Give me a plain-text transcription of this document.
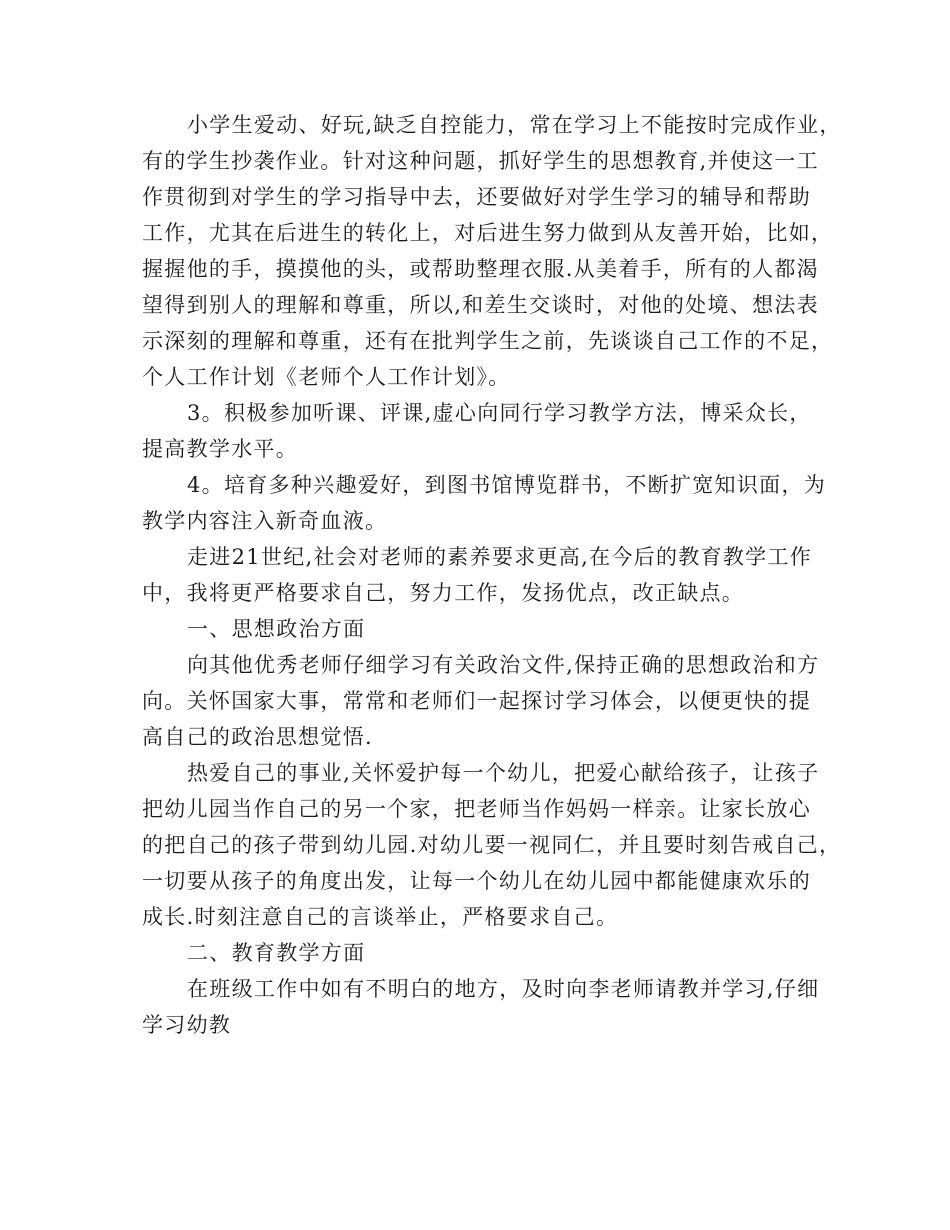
小学生爱动、好玩,缺乏自控能力，常在学习上不能按时完成作业，
有的学生抄袭作业。针对这种问题，抓好学生的思想教育,并使这一工
作贯彻到对学生的学习指导中去，还要做好对学生学习的辅导和帮助
工作，尤其在后进生的转化上，对后进生努力做到从友善开始，比如，
握握他的手，摸摸他的头，或帮助整理衣服.从美着手，所有的人都渴
望得到别人的理解和尊重，所以,和差生交谈时，对他的处境、想法表
示深刻的理解和尊重，还有在批判学生之前，先谈谈自己工作的不足，
个人工作计划《老师个人工作计划》。
3。积极参加听课、评课,虚心向同行学习教学方法，博采众长，
提高教学水平。
4。培育多种兴趣爱好，到图书馆博览群书，不断扩宽知识面，为
教学内容注入新奇血液。
走进21世纪,社会对老师的素养要求更高,在今后的教育教学工作
中，我将更严格要求自己，努力工作，发扬优点，改正缺点。
一、思想政治方面
向其他优秀老师仔细学习有关政治文件,保持正确的思想政治和方
向。关怀国家大事，常常和老师们一起探讨学习体会，以便更快的提
高自己的政治思想觉悟.
热爱自己的事业,关怀爱护每一个幼儿，把爱心献给孩子，让孩子
把幼儿园当作自己的另一个家，把老师当作妈妈一样亲。让家长放心
的把自己的孩子带到幼儿园.对幼儿要一视同仁，并且要时刻告戒自己，
一切要从孩子的角度出发，让每一个幼儿在幼儿园中都能健康欢乐的
成长.时刻注意自己的言谈举止，严格要求自己。
二、教育教学方面
在班级工作中如有不明白的地方，及时向李老师请教并学习,仔细
学习幼教
